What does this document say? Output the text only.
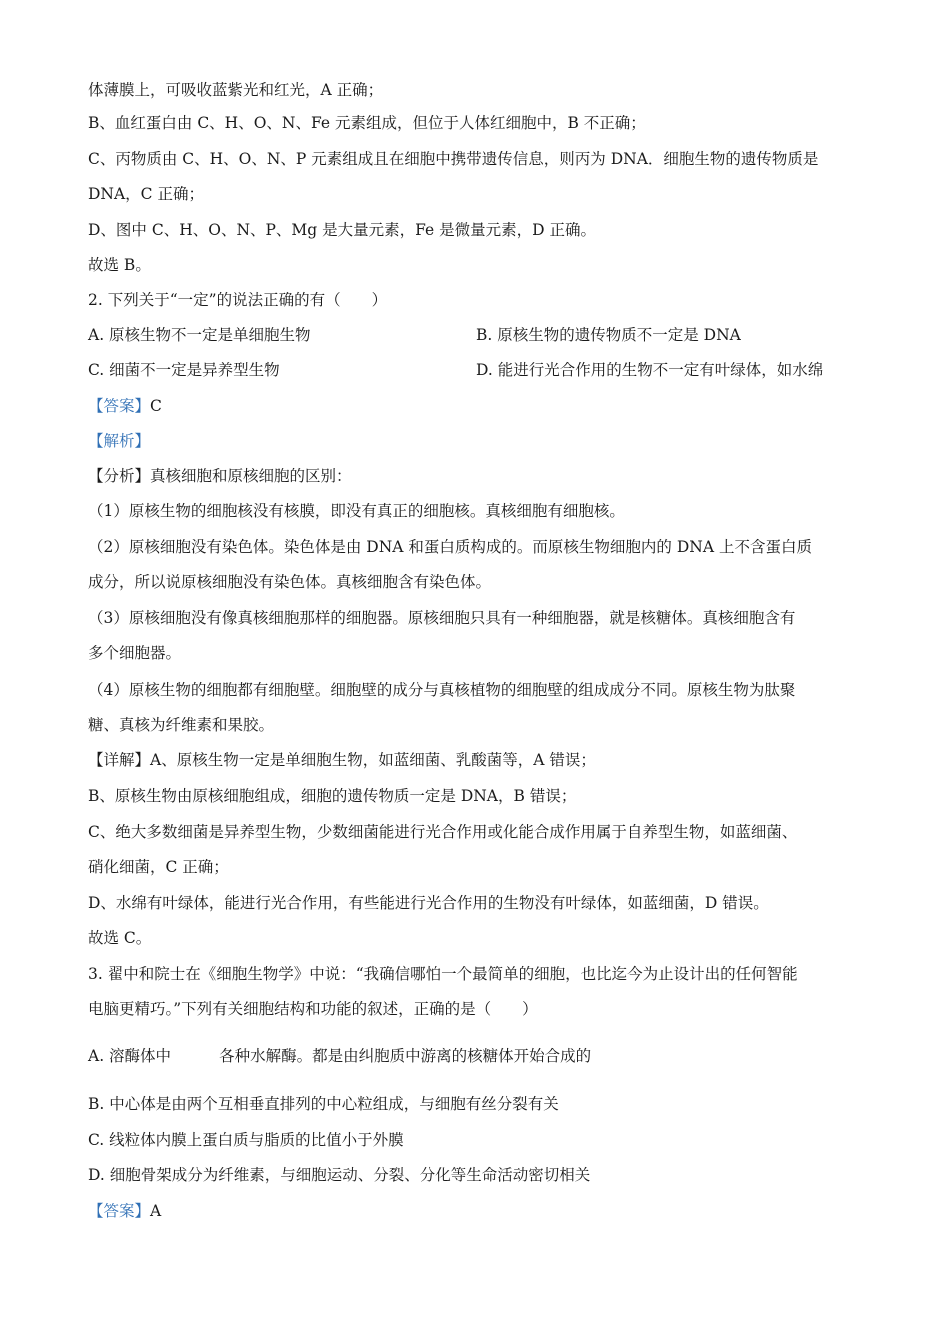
体薄膜上，可吸收蓝紫光和红光，A 正确；
B、血红蛋白由 C、H、O、N、Fe 元素组成，但位于人体红细胞中，B 不正确；
C、丙物质由 C、H、O、N、P 元素组成且在细胞中携带遗传信息，则丙为 DNA．细胞生物的遗传物质是
DNA，C 正确；
D、图中 C、H、O、N、P、Mg 是大量元素，Fe 是微量元素，D 正确。
故选 B。
2. 下列关于“一定”的说法正确的有（　　）
A. 原核生物不一定是单细胞生物	B. 原核生物的遗传物质不一定是 DNA
C. 细菌不一定是异养型生物	D. 能进行光合作用的生物不一定有叶绿体，如水绵
【答案】C
【解析】
【分析】真核细胞和原核细胞的区别：
（1）原核生物的细胞核没有核膜，即没有真正的细胞核。真核细胞有细胞核。
（2）原核细胞没有染色体。染色体是由 DNA 和蛋白质构成的。而原核生物细胞内的 DNA 上不含蛋白质
成分，所以说原核细胞没有染色体。真核细胞含有染色体。
（3）原核细胞没有像真核细胞那样的细胞器。原核细胞只具有一种细胞器，就是核糖体。真核细胞含有
多个细胞器。
（4）原核生物的细胞都有细胞壁。细胞壁的成分与真核植物的细胞壁的组成成分不同。原核生物为肽聚
糖、真核为纤维素和果胶。
【详解】A、原核生物一定是单细胞生物，如蓝细菌、乳酸菌等，A 错误；
B、原核生物由原核细胞组成，细胞的遗传物质一定是 DNA，B 错误；
C、绝大多数细菌是异养型生物，少数细菌能进行光合作用或化能合成作用属于自养型生物，如蓝细菌、
硝化细菌，C 正确；
D、水绵有叶绿体，能进行光合作用，有些能进行光合作用的生物没有叶绿体，如蓝细菌，D 错误。
故选 C。
3. 翟中和院士在《细胞生物学》中说：“我确信哪怕一个最简单的细胞，也比迄今为止设计出的任何智能
电脑更精巧。”下列有关细胞结构和功能的叙述，正确的是（　　）
A. 溶酶体中	各种水解酶。都是由纠胞质中游离的核糖体开始合成的
B. 中心体是由两个互相垂直排列的中心粒组成，与细胞有丝分裂有关
C. 线粒体内膜上蛋白质与脂质的比值小于外膜
D. 细胞骨架成分为纤维素，与细胞运动、分裂、分化等生命活动密切相关
【答案】A
